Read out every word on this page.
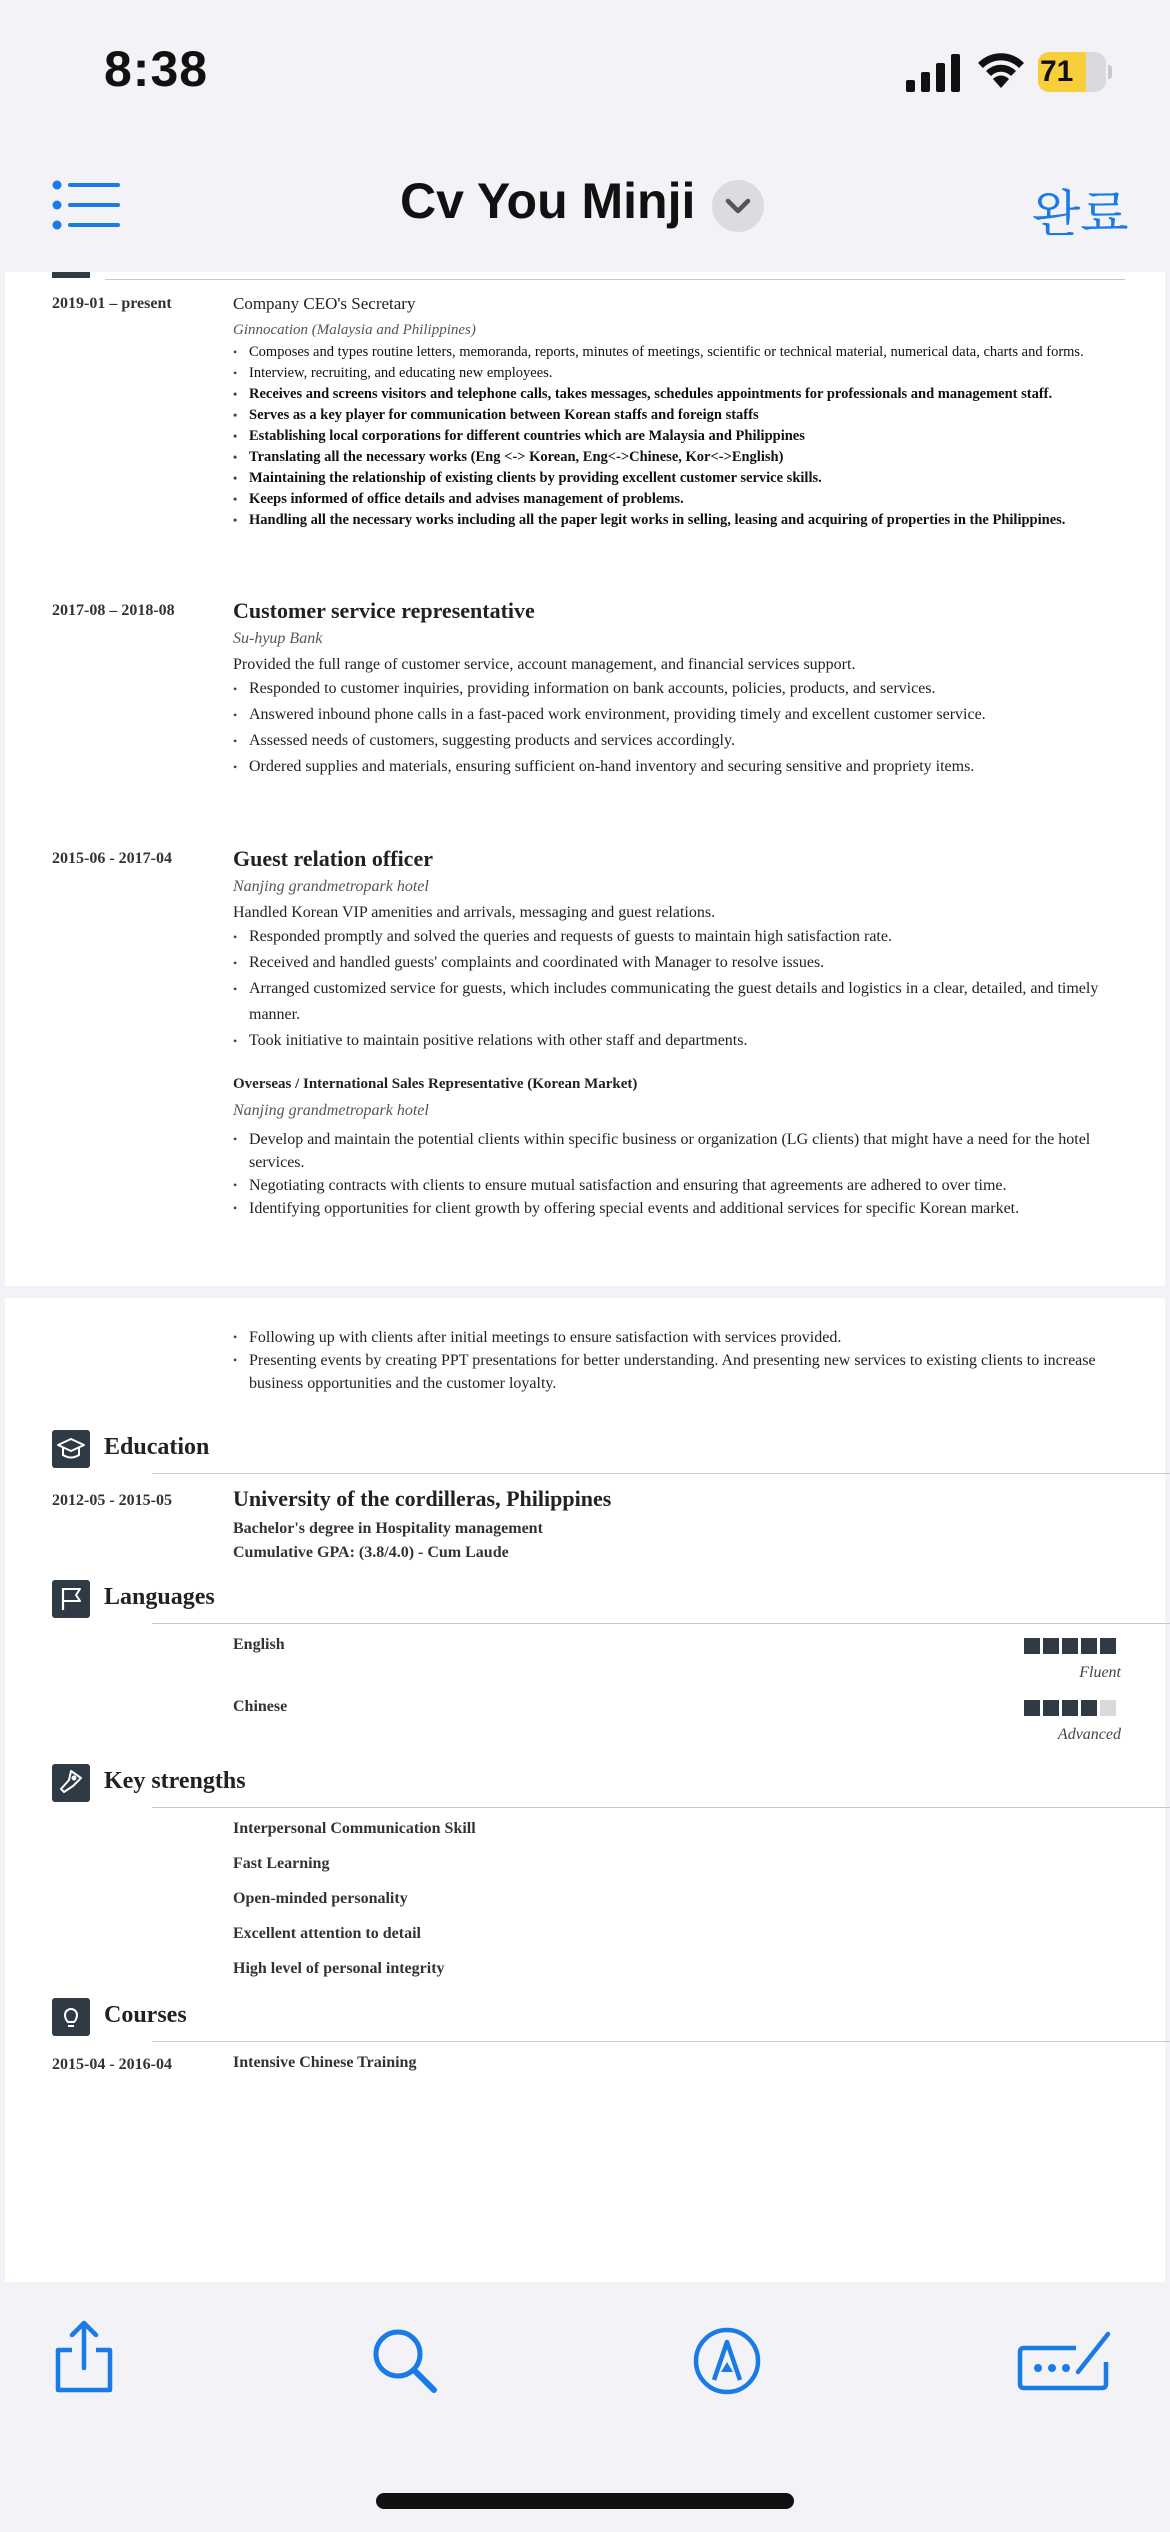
8:38	71
Cv You Minji	완료
2019-01 – present	Company CEO's Secretary
Ginnocation (Malaysia and Philippines)
• Composes and types routine letters, memoranda, reports, minutes of meetings, scientific or technical material, numerical data, charts and forms.
• Interview, recruiting, and educating new employees.
• Receives and screens visitors and telephone calls, takes messages, schedules appointments for professionals and management staff.
• Serves as a key player for communication between Korean staffs and foreign staffs
• Establishing local corporations for different countries which are Malaysia and Philippines
• Translating all the necessary works (Eng <-> Korean, Eng<->Chinese, Kor<->English)
• Maintaining the relationship of existing clients by providing excellent customer service skills.
• Keeps informed of office details and advises management of problems.
• Handling all the necessary works including all the paper legit works in selling, leasing and acquiring of properties in the Philippines.
2017-08 – 2018-08	Customer service representative
Su-hyup Bank
Provided the full range of customer service, account management, and financial services support.
• Responded to customer inquiries, providing information on bank accounts, policies, products, and services.
• Answered inbound phone calls in a fast-paced work environment, providing timely and excellent customer service.
• Assessed needs of customers, suggesting products and services accordingly.
• Ordered supplies and materials, ensuring sufficient on-hand inventory and securing sensitive and propriety items.
2015-06 - 2017-04	Guest relation officer
Nanjing grandmetropark hotel
Handled Korean VIP amenities and arrivals, messaging and guest relations.
• Responded promptly and solved the queries and requests of guests to maintain high satisfaction rate.
• Received and handled guests' complaints and coordinated with Manager to resolve issues.
• Arranged customized service for guests, which includes communicating the guest details and logistics in a clear, detailed, and timely manner.
• Took initiative to maintain positive relations with other staff and departments.
Overseas / International Sales Representative (Korean Market)
Nanjing grandmetropark hotel
• Develop and maintain the potential clients within specific business or organization (LG clients) that might have a need for the hotel services.
• Negotiating contracts with clients to ensure mutual satisfaction and ensuring that agreements are adhered to over time.
• Identifying opportunities for client growth by offering special events and additional services for specific Korean market.
• Following up with clients after initial meetings to ensure satisfaction with services provided.
• Presenting events by creating PPT presentations for better understanding. And presenting new services to existing clients to increase business opportunities and the customer loyalty.
Education
2012-05 - 2015-05	University of the cordilleras, Philippines
Bachelor's degree in Hospitality management
Cumulative GPA: (3.8/4.0) - Cum Laude
Languages
English
Fluent
Chinese
Advanced
Key strengths
Interpersonal Communication Skill
Fast Learning
Open-minded personality
Excellent attention to detail
High level of personal integrity
Courses
2015-04 - 2016-04	Intensive Chinese Training
